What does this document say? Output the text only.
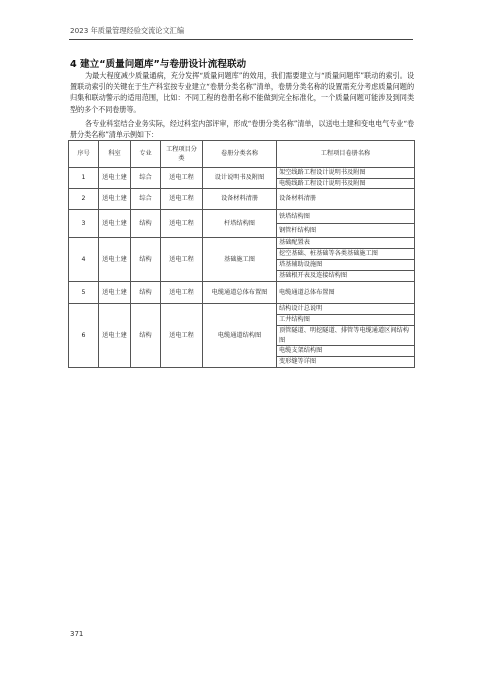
2023 年质量管理经验交流论文汇编
4 建立“质量问题库”与卷册设计流程联动
为最大程度减少质量通病，充分发挥“质量问题库”的效用，我们需要建立与“质量问题库”联动的索引。设置联动索引的关键在于生产科室按专业建立“卷册分类名称”清单，卷册分类名称的设置需充分考虑质量问题的归集和联动警示的适用范围，比如：不同工程的卷册名称不能做到完全标准化，一个质量问题可能涉及到同类型的多个不同卷册等。
各专业科室结合业务实际，经过科室内部评审，形成“卷册分类名称”清单，以送电土建和变电电气专业“卷册分类名称”清单示例如下：
序号	科室	专业	工程项目分类	卷册分类名称	工程项目卷册名称
1	送电土建	综合	送电工程	设计说明书及附图	架空线路工程设计说明书及附图
					电缆线路工程设计说明书及附图
2	送电土建	综合	送电工程	设备材料清册	设备材料清册
3	送电土建	结构	送电工程	杆塔结构图	铁塔结构图
					钢管杆结构图
4	送电土建	结构	送电工程	基础施工图	基础配置表
					挖空基础、桩基础等各类基础施工图
					塔基辅助设施图
					基础根开表及连接结构图
5	送电土建	结构	送电工程	电缆通道总体布置图	电缆通道总体布置图
6	送电土建	结构	送电工程	电缆通道结构图	结构设计总说明
					工井结构图
					顶管隧道、明挖隧道、排管等电缆通道区间结构图
					电缆支架结构图
					变形缝等详图
371
